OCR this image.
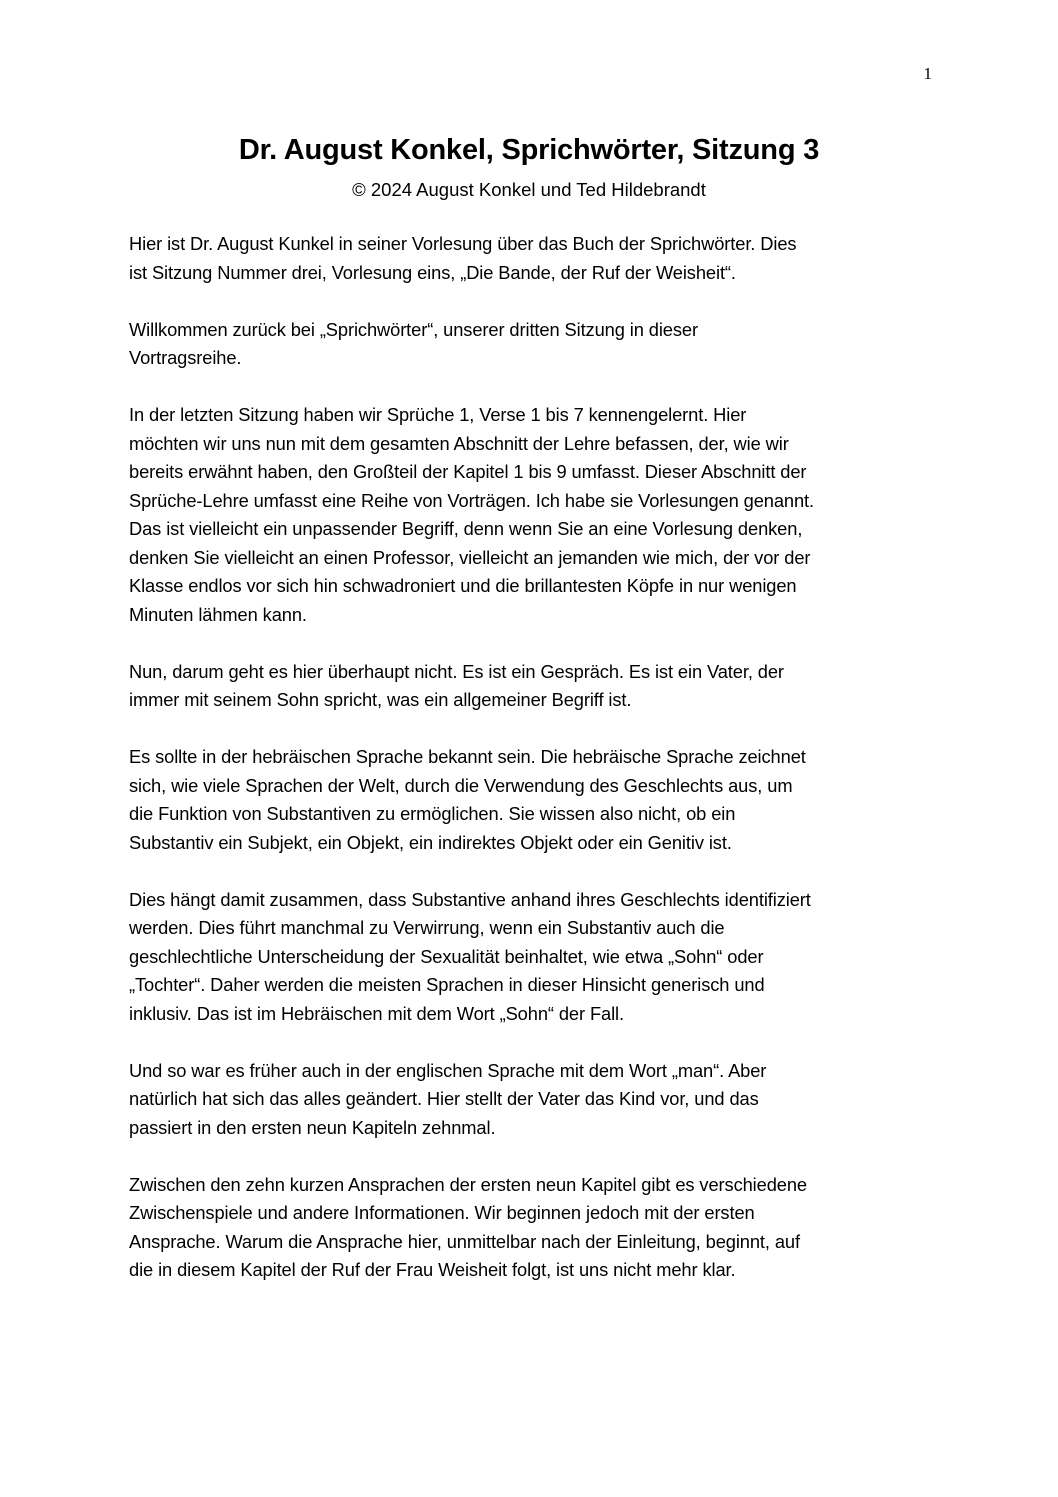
1
Dr. August Konkel, Sprichwörter, Sitzung 3
© 2024 August Konkel und Ted Hildebrandt

Hier ist Dr. August Kunkel in seiner Vorlesung über das Buch der Sprichwörter. Dies
ist Sitzung Nummer drei, Vorlesung eins, „Die Bande, der Ruf der Weisheit“.

Willkommen zurück bei „Sprichwörter“, unserer dritten Sitzung in dieser
Vortragsreihe.

In der letzten Sitzung haben wir Sprüche 1, Verse 1 bis 7 kennengelernt. Hier
möchten wir uns nun mit dem gesamten Abschnitt der Lehre befassen, der, wie wir
bereits erwähnt haben, den Großteil der Kapitel 1 bis 9 umfasst. Dieser Abschnitt der
Sprüche-Lehre umfasst eine Reihe von Vorträgen. Ich habe sie Vorlesungen genannt.
Das ist vielleicht ein unpassender Begriff, denn wenn Sie an eine Vorlesung denken,
denken Sie vielleicht an einen Professor, vielleicht an jemanden wie mich, der vor der
Klasse endlos vor sich hin schwadroniert und die brillantesten Köpfe in nur wenigen
Minuten lähmen kann.

Nun, darum geht es hier überhaupt nicht. Es ist ein Gespräch. Es ist ein Vater, der
immer mit seinem Sohn spricht, was ein allgemeiner Begriff ist.

Es sollte in der hebräischen Sprache bekannt sein. Die hebräische Sprache zeichnet
sich, wie viele Sprachen der Welt, durch die Verwendung des Geschlechts aus, um
die Funktion von Substantiven zu ermöglichen. Sie wissen also nicht, ob ein
Substantiv ein Subjekt, ein Objekt, ein indirektes Objekt oder ein Genitiv ist.

Dies hängt damit zusammen, dass Substantive anhand ihres Geschlechts identifiziert
werden. Dies führt manchmal zu Verwirrung, wenn ein Substantiv auch die
geschlechtliche Unterscheidung der Sexualität beinhaltet, wie etwa „Sohn“ oder
„Tochter“. Daher werden die meisten Sprachen in dieser Hinsicht generisch und
inklusiv. Das ist im Hebräischen mit dem Wort „Sohn“ der Fall.

Und so war es früher auch in der englischen Sprache mit dem Wort „man“. Aber
natürlich hat sich das alles geändert. Hier stellt der Vater das Kind vor, und das
passiert in den ersten neun Kapiteln zehnmal.

Zwischen den zehn kurzen Ansprachen der ersten neun Kapitel gibt es verschiedene
Zwischenspiele und andere Informationen. Wir beginnen jedoch mit der ersten
Ansprache. Warum die Ansprache hier, unmittelbar nach der Einleitung, beginnt, auf
die in diesem Kapitel der Ruf der Frau Weisheit folgt, ist uns nicht mehr klar.
